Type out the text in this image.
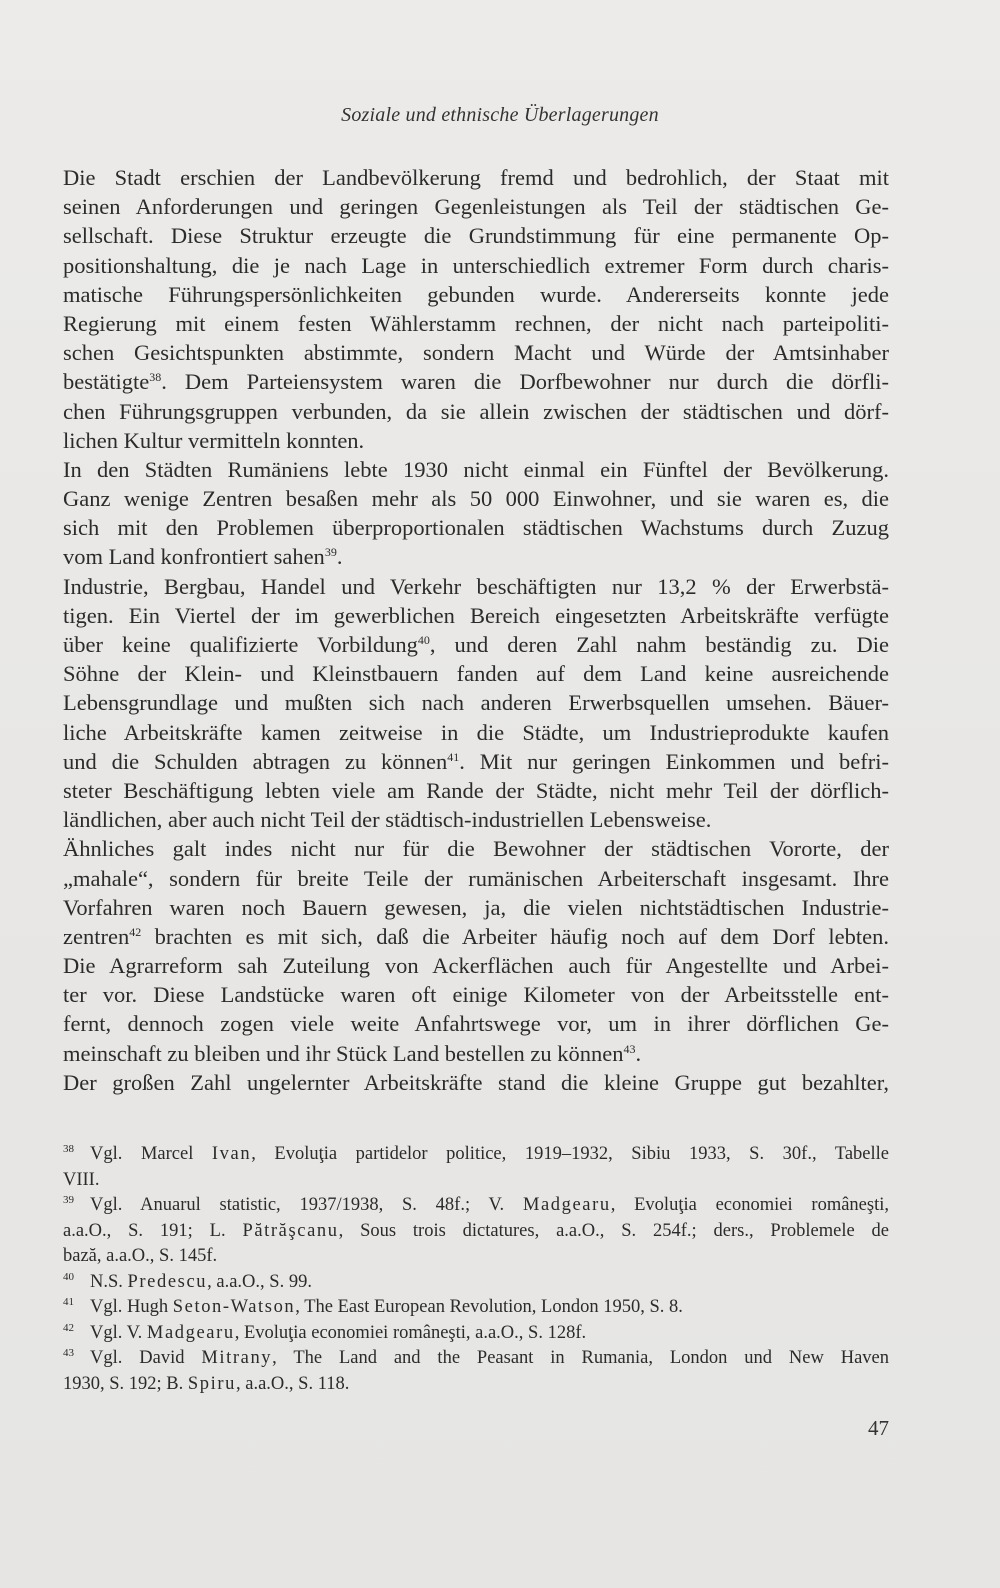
Soziale und ethnische Überlagerungen
Die Stadt erschien der Landbevölkerung fremd und bedrohlich, der Staat mit
seinen Anforderungen und geringen Gegenleistungen als Teil der städtischen Ge-
sellschaft. Diese Struktur erzeugte die Grundstimmung für eine permanente Op-
positionshaltung, die je nach Lage in unterschiedlich extremer Form durch charis-
matische Führungspersönlichkeiten gebunden wurde. Andererseits konnte jede
Regierung mit einem festen Wählerstamm rechnen, der nicht nach parteipoliti-
schen Gesichtspunkten abstimmte, sondern Macht und Würde der Amtsinhaber
bestätigte$^{38}$. Dem Parteiensystem waren die Dorfbewohner nur durch die dörfli-
chen Führungsgruppen verbunden, da sie allein zwischen der städtischen und dörf-
lichen Kultur vermitteln konnten.
In den Städten Rumäniens lebte 1930 nicht einmal ein Fünftel der Bevölkerung.
Ganz wenige Zentren besaßen mehr als 50 000 Einwohner, und sie waren es, die
sich mit den Problemen überproportionalen städtischen Wachstums durch Zuzug
vom Land konfrontiert sahen$^{39}$.
Industrie, Bergbau, Handel und Verkehr beschäftigten nur 13,2 % der Erwerbstä-
tigen. Ein Viertel der im gewerblichen Bereich eingesetzten Arbeitskräfte verfügte
über keine qualifizierte Vorbildung$^{40}$, und deren Zahl nahm beständig zu. Die
Söhne der Klein- und Kleinstbauern fanden auf dem Land keine ausreichende
Lebensgrundlage und mußten sich nach anderen Erwerbsquellen umsehen. Bäuer-
liche Arbeitskräfte kamen zeitweise in die Städte, um Industrieprodukte kaufen
und die Schulden abtragen zu können$^{41}$. Mit nur geringen Einkommen und befri-
steter Beschäftigung lebten viele am Rande der Städte, nicht mehr Teil der dörflich-
ländlichen, aber auch nicht Teil der städtisch-industriellen Lebensweise.
Ähnliches galt indes nicht nur für die Bewohner der städtischen Vororte, der
„mahale“, sondern für breite Teile der rumänischen Arbeiterschaft insgesamt. Ihre
Vorfahren waren noch Bauern gewesen, ja, die vielen nichtstädtischen Industrie-
zentren$^{42}$ brachten es mit sich, daß die Arbeiter häufig noch auf dem Dorf lebten.
Die Agrarreform sah Zuteilung von Ackerflächen auch für Angestellte und Arbei-
ter vor. Diese Landstücke waren oft einige Kilometer von der Arbeitsstelle ent-
fernt, dennoch zogen viele weite Anfahrtswege vor, um in ihrer dörflichen Ge-
meinschaft zu bleiben und ihr Stück Land bestellen zu können$^{43}$.
Der großen Zahl ungelernter Arbeitskräfte stand die kleine Gruppe gut bezahlter,
$^{38}$ Vgl. Marcel Ivan, Evoluţia partidelor politice, 1919–1932, Sibiu 1933, S. 30f., Tabelle
VIII.
$^{39}$ Vgl. Anuarul statistic, 1937/1938, S. 48f.; V. Madgearu, Evoluţia economiei româneşti,
a.a.O., S. 191; L. Pătrăşcanu, Sous trois dictatures, a.a.O., S. 254f.; ders., Problemele de
bază, a.a.O., S. 145f.
$^{40}$ N.S. Predescu, a.a.O., S. 99.
$^{41}$ Vgl. Hugh Seton-Watson, The East European Revolution, London 1950, S. 8.
$^{42}$ Vgl. V. Madgearu, Evoluţia economiei româneşti, a.a.O., S. 128f.
$^{43}$ Vgl. David Mitrany, The Land and the Peasant in Rumania, London und New Haven
1930, S. 192; B. Spiru, a.a.O., S. 118.
47
